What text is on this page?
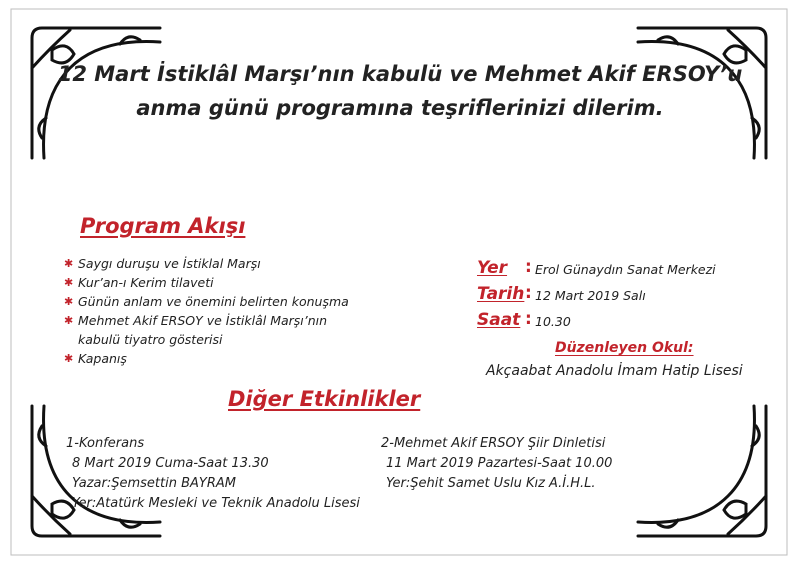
12 Mart İstiklâl Marşı’nın kabulü ve Mehmet Akif ERSOY’u
anma günü programına teşriflerinizi dilerim.
Program Akışı
✱ Saygı duruşu ve İstiklal Marşı
✱ Kur’an-ı Kerim tilaveti
✱ Günün anlam ve önemini belirten konuşma
✱ Mehmet Akif ERSOY ve İstiklâl Marşı’nın kabulü tiyatro gösterisi
✱ Kapanış
Yer : Erol Günaydın Sanat Merkezi
Tarih : 12 Mart 2019 Salı
Saat : 10.30
Düzenleyen Okul:
Akçaabat Anadolu İmam Hatip Lisesi
Diğer Etkinlikler
1-Konferans
8 Mart 2019 Cuma-Saat 13.30
Yazar:Şemsettin BAYRAM
Yer:Atatürk Mesleki ve Teknik Anadolu Lisesi
2-Mehmet Akif ERSOY Şiir Dinletisi
11 Mart 2019 Pazartesi-Saat 10.00
Yer:Şehit Samet Uslu Kız A.İ.H.L.
